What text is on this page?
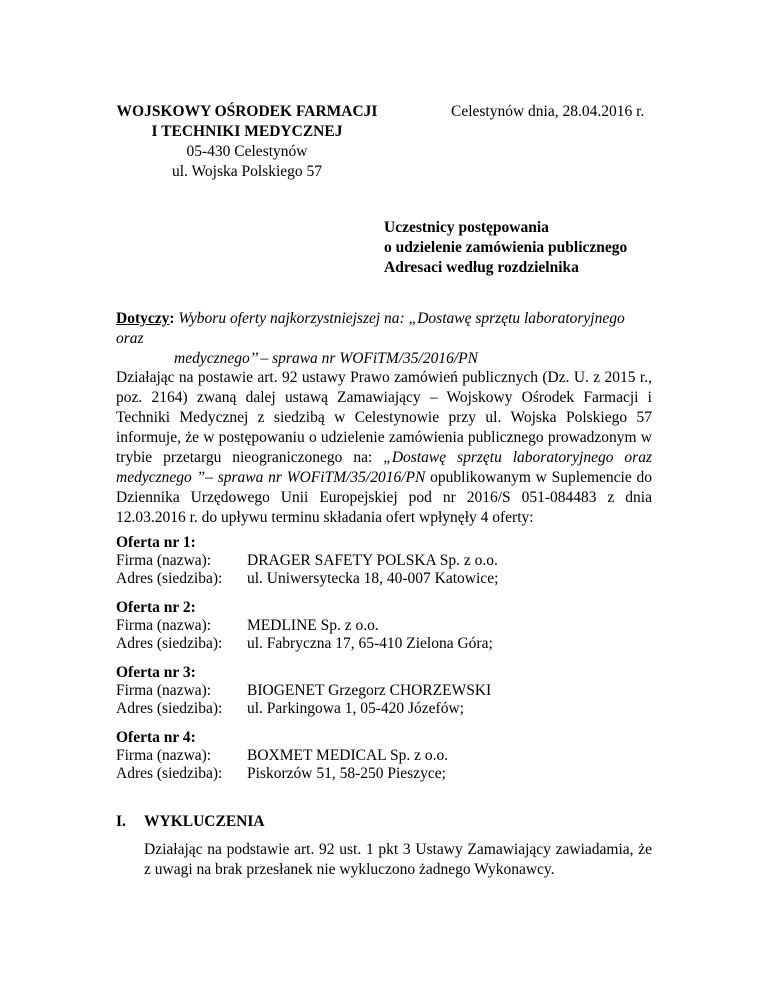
WOJSKOWY OŚRODEK FARMACJI
I TECHNIKI MEDYCZNEJ
05-430 Celestynów
ul. Wojska Polskiego 57
Celestynów dnia, 28.04.2016 r.
Uczestnicy postępowania
o udzielenie zamówienia publicznego
Adresaci według rozdzielnika
Dotyczy: Wyboru oferty najkorzystniejszej na: „Dostawę sprzętu laboratoryjnego oraz
medycznego’’ – sprawa nr WOFiTM/35/2016/PN
Działając na postawie art. 92 ustawy Prawo zamówień publicznych (Dz. U. z 2015 r., poz. 2164) zwaną dalej ustawą Zamawiający – Wojskowy Ośrodek Farmacji i Techniki Medycznej z siedzibą w Celestynowie przy ul. Wojska Polskiego 57 informuje, że w postępowaniu o udzielenie zamówienia publicznego prowadzonym w trybie przetargu nieograniczonego na: „Dostawę sprzętu laboratoryjnego oraz medycznego ”– sprawa nr WOFiTM/35/2016/PN opublikowanym w Suplemencie do Dziennika Urzędowego Unii Europejskiej pod nr 2016/S 051-084483 z dnia 12.03.2016 r. do upływu terminu składania ofert wpłynęły 4 oferty:
Oferta nr 1:
Firma (nazwa):	DRAGER SAFETY POLSKA Sp. z o.o.
Adres (siedziba):	ul. Uniwersytecka 18, 40-007 Katowice;
Oferta nr 2:
Firma (nazwa):	MEDLINE Sp. z o.o.
Adres (siedziba):	ul. Fabryczna 17, 65-410 Zielona Góra;
Oferta nr 3:
Firma (nazwa):	BIOGENET Grzegorz CHORZEWSKI
Adres (siedziba):	ul. Parkingowa 1, 05-420 Józefów;
Oferta nr 4:
Firma (nazwa):	BOXMET MEDICAL Sp. z o.o.
Adres (siedziba):	Piskorzów 51, 58-250 Pieszyce;
I. WYKLUCZENIA
Działając na podstawie art. 92 ust. 1 pkt 3 Ustawy Zamawiający zawiadamia, że z uwagi na brak przesłanek nie wykluczono żadnego Wykonawcy.
